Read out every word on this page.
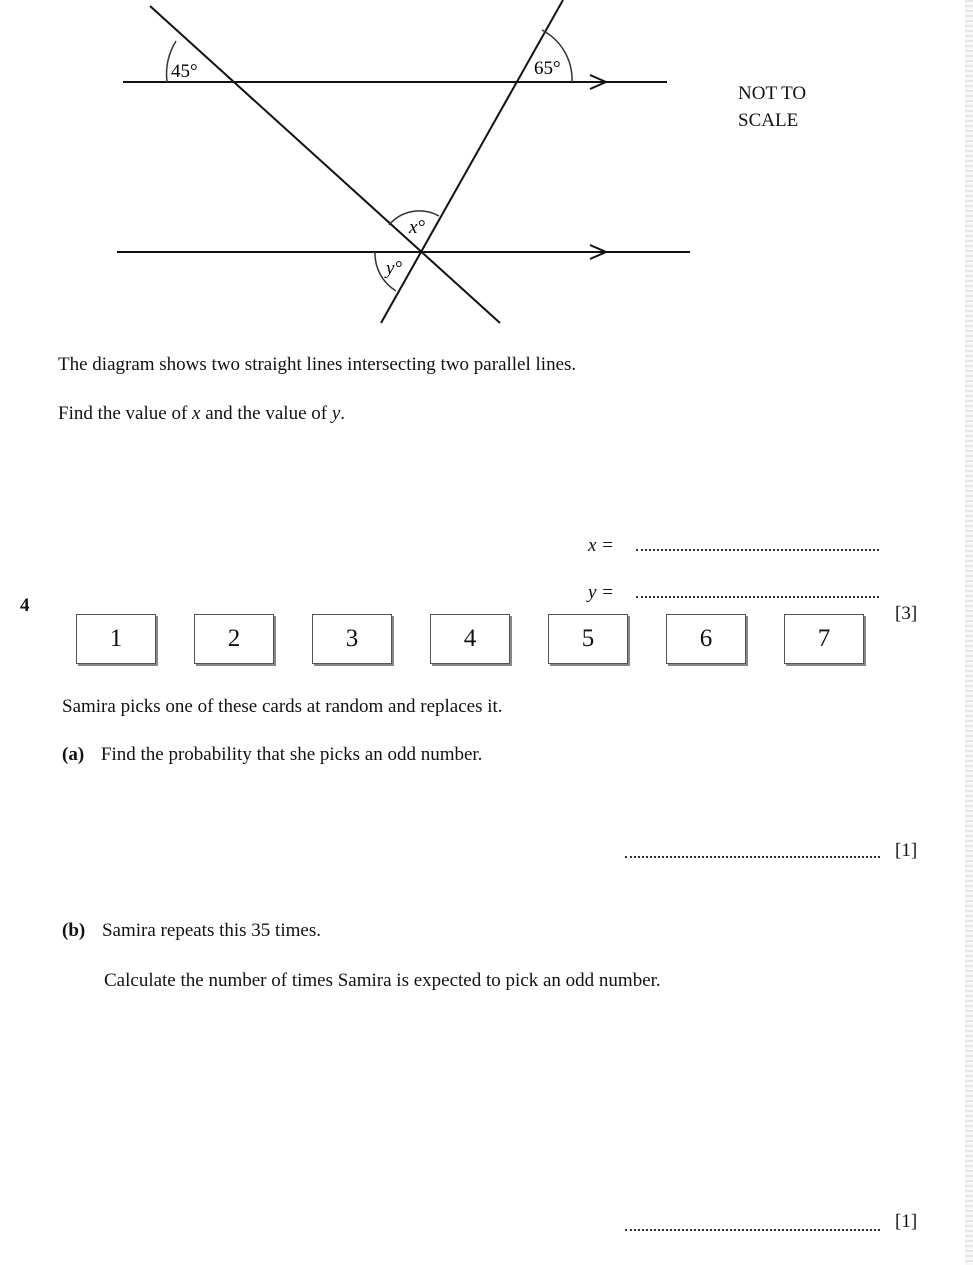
45°	65°
x°
y°
NOT TO
SCALE
The diagram shows two straight lines intersecting two parallel lines.
Find the value of x and the value of y.
x =
y =
[3]
4
1	2	3	4	5	6	7
Samira picks one of these cards at random and replaces it.
(a) Find the probability that she picks an odd number.
[1]
(b) Samira repeats this 35 times.
Calculate the number of times Samira is expected to pick an odd number.
[1]
